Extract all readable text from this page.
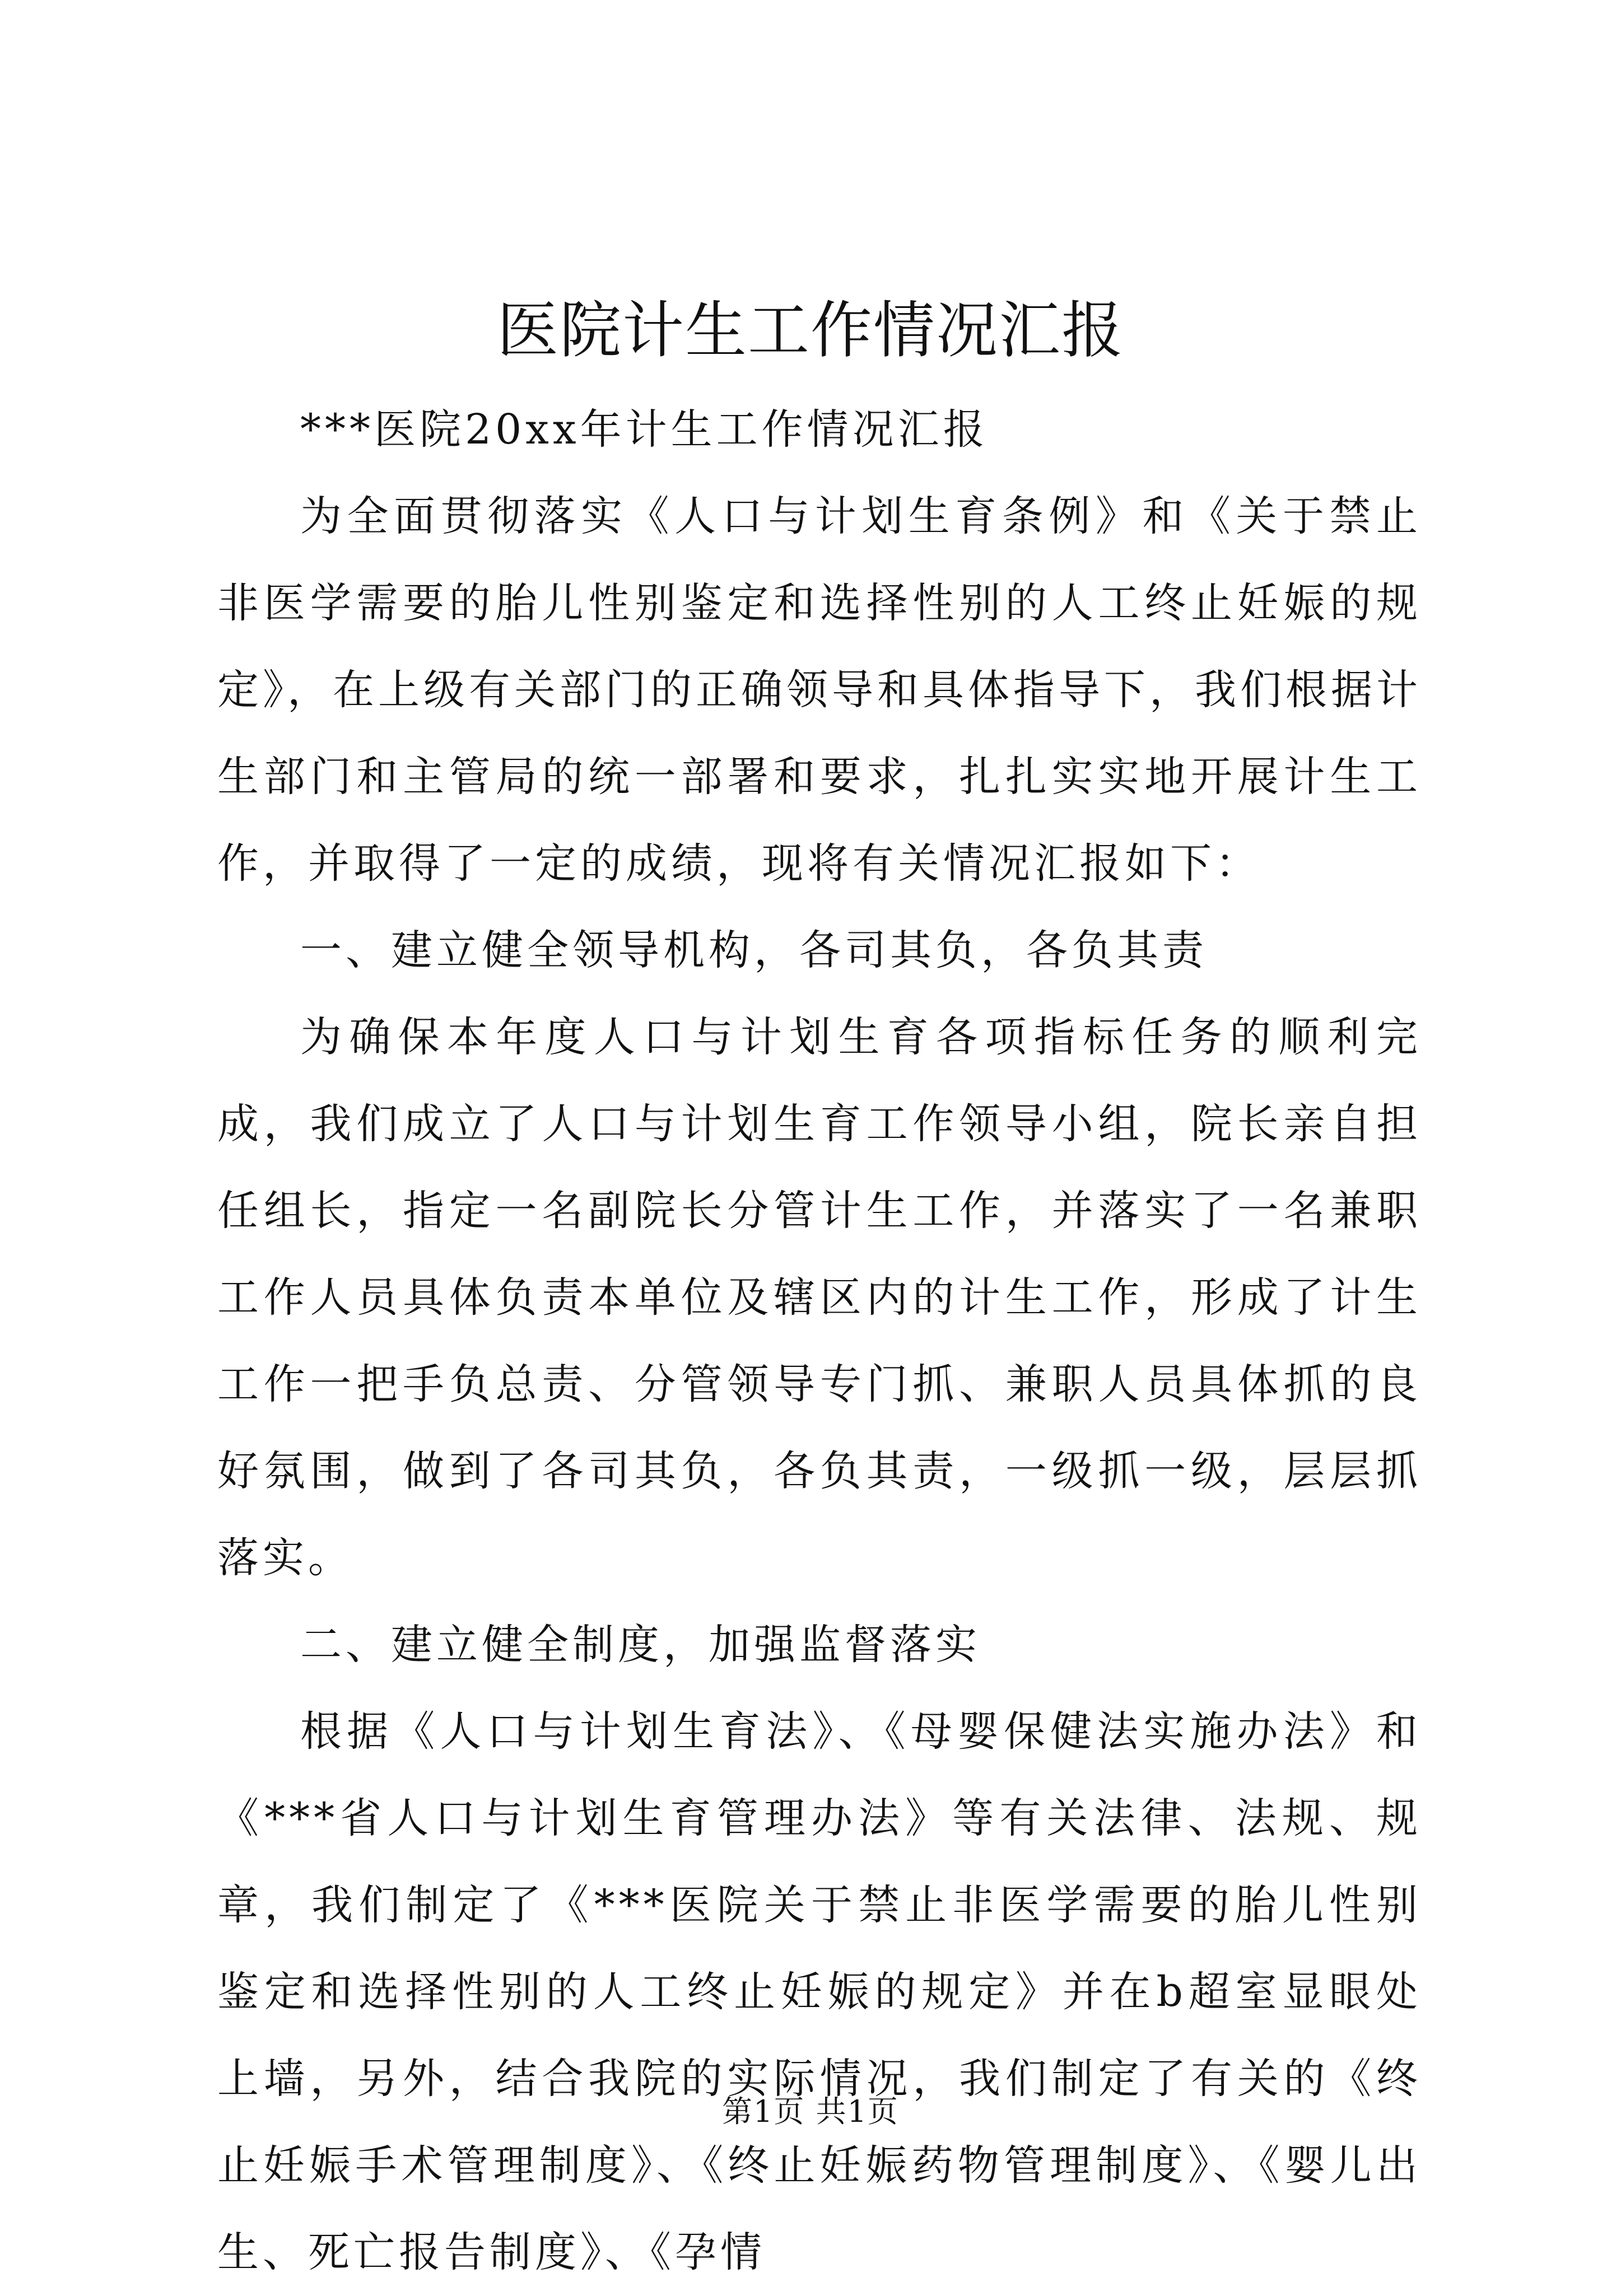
医院计生工作情况汇报

***医院20xx年计生工作情况汇报

为全面贯彻落实《人口与计划生育条例》和《关于禁止非医学需要的胎儿性别鉴定和选择性别的人工终止妊娠的规定》，在上级有关部门的正确领导和具体指导下，我们根据计生部门和主管局的统一部署和要求，扎扎实实地开展计生工作，并取得了一定的成绩，现将有关情况汇报如下：

一、建立健全领导机构，各司其负，各负其责

为确保本年度人口与计划生育各项指标任务的顺利完成，我们成立了人口与计划生育工作领导小组，院长亲自担任组长，指定一名副院长分管计生工作，并落实了一名兼职工作人员具体负责本单位及辖区内的计生工作，形成了计生工作一把手负总责、分管领导专门抓、兼职人员具体抓的良好氛围，做到了各司其负，各负其责，一级抓一级，层层抓落实。

二、建立健全制度，加强监督落实

根据《人口与计划生育法》、《母婴保健法实施办法》和《***省人口与计划生育管理办法》等有关法律、法规、规章，我们制定了《***医院关于禁止非医学需要的胎儿性别鉴定和选择性别的人工终止妊娠的规定》并在b超室显眼处上墙，另外，结合我院的实际情况，我们制定了有关的《终止妊娠手术管理制度》、《终止妊娠药物管理制度》、《婴儿出生、死亡报告制度》、《孕情

第1页 共1页
